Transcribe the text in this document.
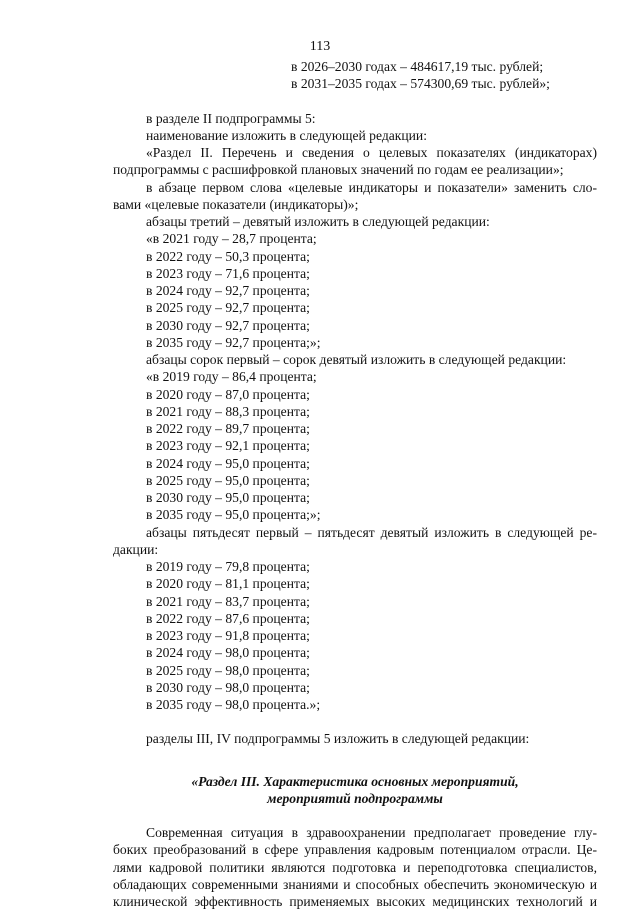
113
в 2026–2030 годах – 484617,19 тыс. рублей;
в 2031–2035 годах – 574300,69 тыс. рублей»;
в разделе II подпрограммы 5:
наименование изложить в следующей редакции:
«Раздел II. Перечень и сведения о целевых показателях (индикаторах)
подпрограммы с расшифровкой плановых значений по годам ее реализации»;
в абзаце первом слова «целевые индикаторы и показатели» заменить сло-
вами «целевые показатели (индикаторы)»;
абзацы третий – девятый изложить в следующей редакции:
«в 2021 году – 28,7 процента;
в 2022 году – 50,3 процента;
в 2023 году – 71,6 процента;
в 2024 году – 92,7 процента;
в 2025 году – 92,7 процента;
в 2030 году – 92,7 процента;
в 2035 году – 92,7 процента;»;
абзацы сорок первый – сорок девятый изложить в следующей редакции:
«в 2019 году – 86,4 процента;
в 2020 году – 87,0 процента;
в 2021 году – 88,3 процента;
в 2022 году – 89,7 процента;
в 2023 году – 92,1 процента;
в 2024 году – 95,0 процента;
в 2025 году – 95,0 процента;
в 2030 году – 95,0 процента;
в 2035 году – 95,0 процента;»;
абзацы пятьдесят первый – пятьдесят девятый изложить в следующей ре-
дакции:
в 2019 году – 79,8 процента;
в 2020 году – 81,1 процента;
в 2021 году – 83,7 процента;
в 2022 году – 87,6 процента;
в 2023 году – 91,8 процента;
в 2024 году – 98,0 процента;
в 2025 году – 98,0 процента;
в 2030 году – 98,0 процента;
в 2035 году – 98,0 процента.»;
разделы III, IV подпрограммы 5 изложить в следующей редакции:
«Раздел III. Характеристика основных мероприятий,
мероприятий подпрограммы
Современная ситуация в здравоохранении предполагает проведение глу-
боких преобразований в сфере управления кадровым потенциалом отрасли. Це-
лями кадровой политики являются подготовка и переподготовка специалистов,
обладающих современными знаниями и способных обеспечить экономическую и
клинической эффективность применяемых высоких медицинских технологий и
